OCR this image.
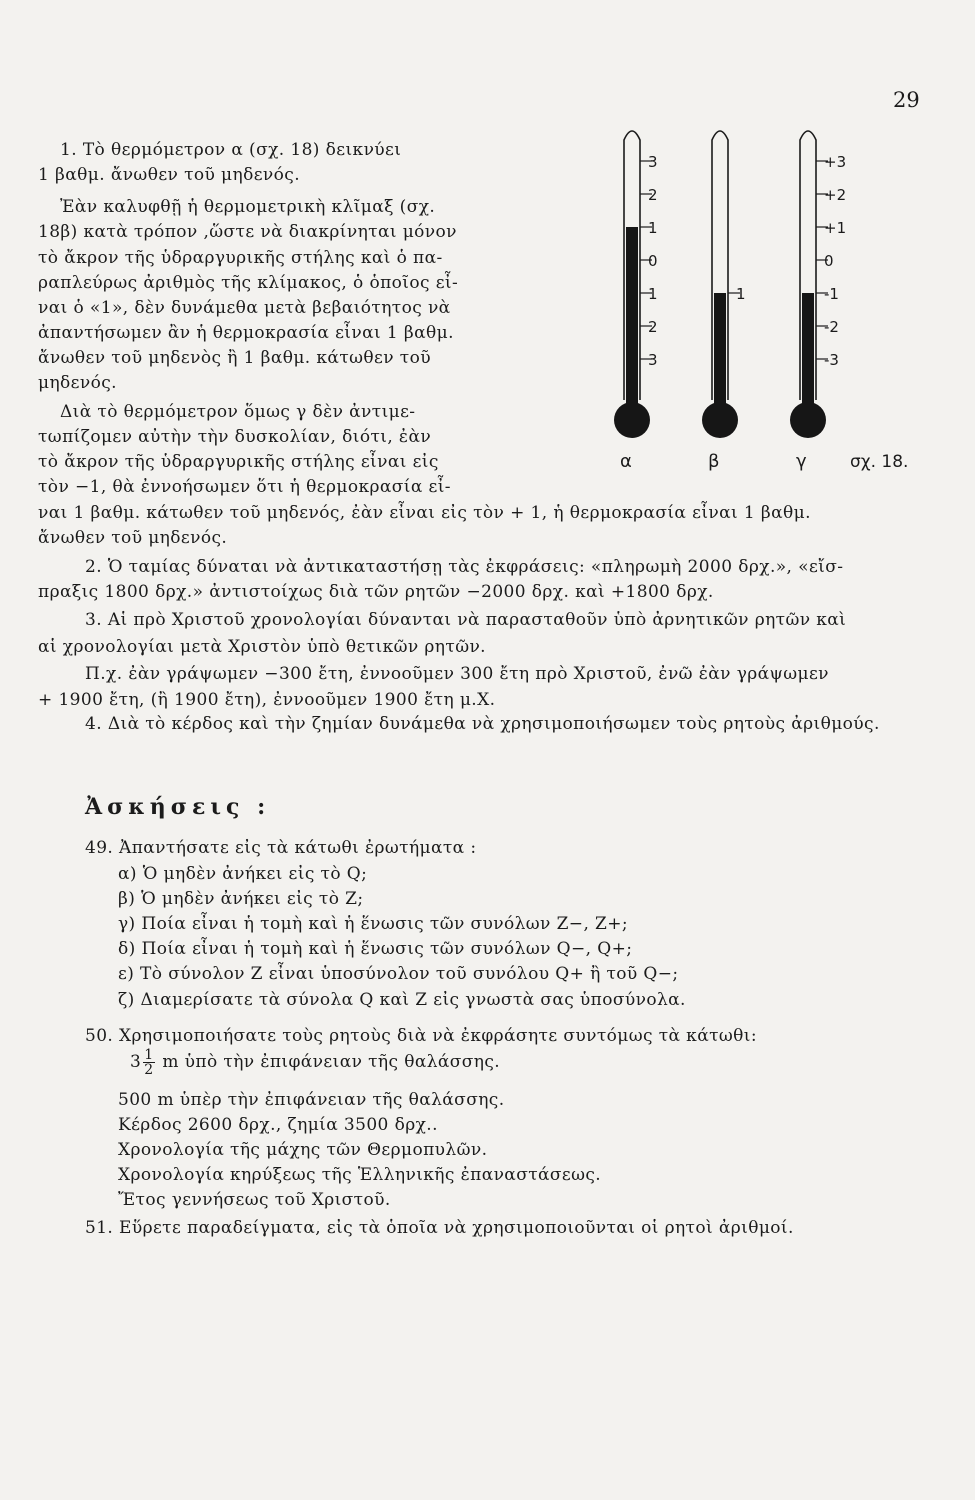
29
3
2
1
0
1
2
3
α
1
β
+3
+2
+1
0
-1
-2
-3
γ	σχ. 18.
1. Τὸ θερμόμετρον α (σχ. 18) δεικνύει
1 βαθμ. ἄνωθεν τοῦ μηδενός.
Ἐὰν καλυφθῇ ἡ θερμομετρικὴ κλῖμαξ (σχ.
18β) κατὰ τρόπον ,ὥστε νὰ διακρίνηται μόνον
τὸ ἄκρον τῆς ὑδραργυρικῆς στήλης καὶ ὁ πα-
ραπλεύρως ἀριθμὸς τῆς κλίμακος, ὁ ὁποῖος εἶ-
ναι ὁ «1», δὲν δυνάμεθα μετὰ βεβαιότητος νὰ
ἀπαντήσωμεν ἂν ἡ θερμοκρασία εἶναι 1 βαθμ.
ἄνωθεν τοῦ μηδενὸς ἢ 1 βαθμ. κάτωθεν τοῦ
μηδενός.
Διὰ τὸ θερμόμετρον ὅμως γ δὲν ἀντιμε-
τωπίζομεν αὐτὴν τὴν δυσκολίαν, διότι, ἐὰν
τὸ ἄκρον τῆς ὑδραργυρικῆς στήλης εἶναι εἰς
τὸν −1, θὰ ἐννοήσωμεν ὅτι ἡ θερμοκρασία εἶ-
ναι 1 βαθμ. κάτωθεν τοῦ μηδενός, ἐὰν εἶναι εἰς τὸν + 1, ἡ θερμοκρασία εἶναι 1 βαθμ.
ἄνωθεν τοῦ μηδενός.
2. Ὁ ταμίας δύναται νὰ ἀντικαταστήσῃ τὰς ἐκφράσεις: «πληρωμὴ 2000 δρχ.», «εἴσ-
πραξις 1800 δρχ.» ἀντιστοίχως διὰ τῶν ρητῶν −2000 δρχ. καὶ +1800 δρχ.
3. Αἱ πρὸ Χριστοῦ χρονολογίαι δύνανται νὰ παρασταθοῦν ὑπὸ ἀρνητικῶν ρητῶν καὶ
αἱ χρονολογίαι μετὰ Χριστὸν ὑπὸ θετικῶν ρητῶν.
Π.χ. ἐὰν γράψωμεν −300 ἔτη, ἐννοοῦμεν 300 ἔτη πρὸ Χριστοῦ, ἐνῶ ἐὰν γράψωμεν
+ 1900 ἔτη, (ἢ 1900 ἔτη), ἐννοοῦμεν 1900 ἔτη μ.Χ.
4. Διὰ τὸ κέρδος καὶ τὴν ζημίαν δυνάμεθα νὰ χρησιμοποιήσωμεν τοὺς ρητοὺς ἀριθμούς.
Ἀσκήσεις :
49. Ἀπαντήσατε εἰς τὰ κάτωθι ἐρωτήματα :
α) Ὁ μηδὲν ἀνήκει εἰς τὸ Q;
β) Ὁ μηδὲν ἀνήκει εἰς τὸ Z;
γ) Ποία εἶναι ἡ τομὴ καὶ ἡ ἕνωσις τῶν συνόλων Z−, Z+;
δ) Ποία εἶναι ἡ τομὴ καὶ ἡ ἕνωσις τῶν συνόλων Q−, Q+;
ε) Τὸ σύνολον Z εἶναι ὑποσύνολον τοῦ συνόλου Q+ ἢ τοῦ Q−;
ζ) Διαμερίσατε τὰ σύνολα Q καὶ Z εἰς γνωστὰ σας ὑποσύνολα.
50. Χρησιμοποιήσατε τοὺς ρητοὺς διὰ νὰ ἐκφράσητε συντόμως τὰ κάτωθι:
$3 \frac{1}{2}$ m ὑπὸ τὴν ἐπιφάνειαν τῆς θαλάσσης.
500 m ὑπὲρ τὴν ἐπιφάνειαν τῆς θαλάσσης.
Κέρδος 2600 δρχ., ζημία 3500 δρχ..
Χρονολογία τῆς μάχης τῶν Θερμοπυλῶν.
Χρονολογία κηρύξεως τῆς Ἑλληνικῆς ἐπαναστάσεως.
Ἔτος γεννήσεως τοῦ Χριστοῦ.
51. Εὕρετε παραδείγματα, εἰς τὰ ὁποῖα νὰ χρησιμοποιοῦνται οἱ ρητοὶ ἀριθμοί.
